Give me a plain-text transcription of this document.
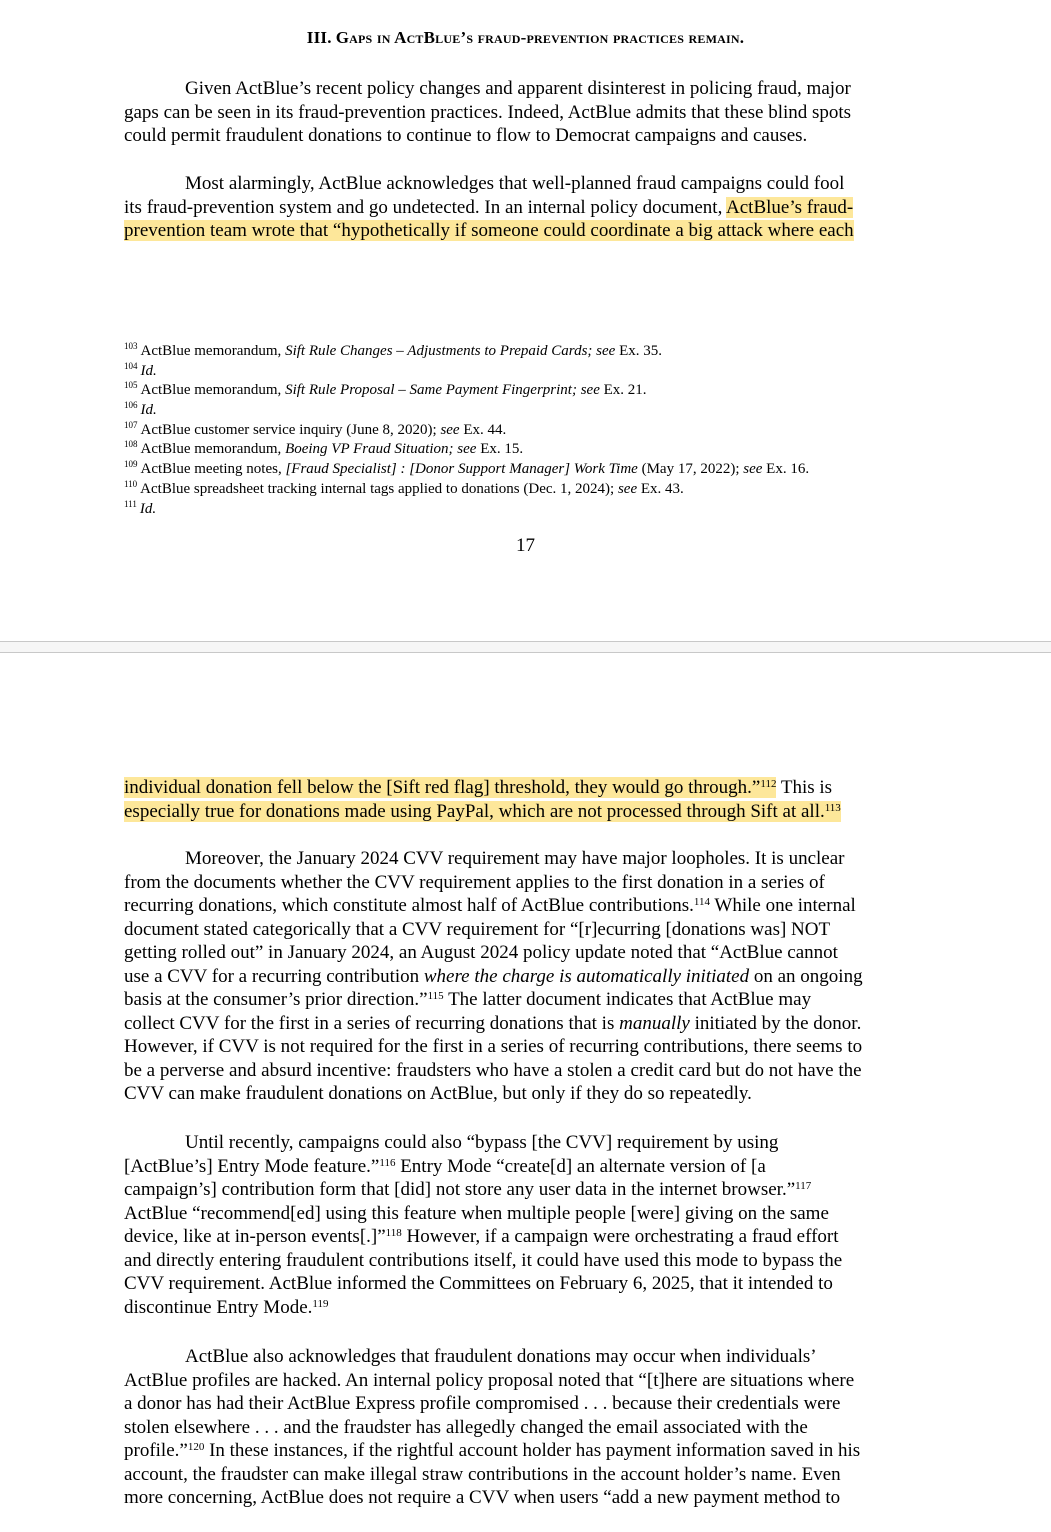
III. Gaps in ActBlue’s fraud-prevention practices remain.
Given ActBlue’s recent policy changes and apparent disinterest in policing fraud, major
gaps can be seen in its fraud-prevention practices. Indeed, ActBlue admits that these blind spots
could permit fraudulent donations to continue to flow to Democrat campaigns and causes.
Most alarmingly, ActBlue acknowledges that well-planned fraud campaigns could fool
its fraud-prevention system and go undetected. In an internal policy document, ActBlue’s fraud-
prevention team wrote that “hypothetically if someone could coordinate a big attack where each
$^{103}$ ActBlue memorandum, Sift Rule Changes – Adjustments to Prepaid Cards; see Ex. 35.
$^{104}$ Id.
$^{105}$ ActBlue memorandum, Sift Rule Proposal – Same Payment Fingerprint; see Ex. 21.
$^{106}$ Id.
$^{107}$ ActBlue customer service inquiry (June 8, 2020); see Ex. 44.
$^{108}$ ActBlue memorandum, Boeing VP Fraud Situation; see Ex. 15.
$^{109}$ ActBlue meeting notes, [Fraud Specialist] : [Donor Support Manager] Work Time (May 17, 2022); see Ex. 16.
$^{110}$ ActBlue spreadsheet tracking internal tags applied to donations (Dec. 1, 2024); see Ex. 43.
$^{111}$ Id.
17
individual donation fell below the [Sift red flag] threshold, they would go through.”$^{112}$ This is
especially true for donations made using PayPal, which are not processed through Sift at all.$^{113}$
Moreover, the January 2024 CVV requirement may have major loopholes. It is unclear
from the documents whether the CVV requirement applies to the first donation in a series of
recurring donations, which constitute almost half of ActBlue contributions.$^{114}$ While one internal
document stated categorically that a CVV requirement for “[r]ecurring [donations was] NOT
getting rolled out” in January 2024, an August 2024 policy update noted that “ActBlue cannot
use a CVV for a recurring contribution where the charge is automatically initiated on an ongoing
basis at the consumer’s prior direction.”$^{115}$ The latter document indicates that ActBlue may
collect CVV for the first in a series of recurring donations that is manually initiated by the donor.
However, if CVV is not required for the first in a series of recurring contributions, there seems to
be a perverse and absurd incentive: fraudsters who have a stolen a credit card but do not have the
CVV can make fraudulent donations on ActBlue, but only if they do so repeatedly.
Until recently, campaigns could also “bypass [the CVV] requirement by using
[ActBlue’s] Entry Mode feature.”$^{116}$ Entry Mode “create[d] an alternate version of [a
campaign’s] contribution form that [did] not store any user data in the internet browser.”$^{117}$
ActBlue “recommend[ed] using this feature when multiple people [were] giving on the same
device, like at in-person events[.]”$^{118}$ However, if a campaign were orchestrating a fraud effort
and directly entering fraudulent contributions itself, it could have used this mode to bypass the
CVV requirement. ActBlue informed the Committees on February 6, 2025, that it intended to
discontinue Entry Mode.$^{119}$
ActBlue also acknowledges that fraudulent donations may occur when individuals’
ActBlue profiles are hacked. An internal policy proposal noted that “[t]here are situations where
a donor has had their ActBlue Express profile compromised . . . because their credentials were
stolen elsewhere . . . and the fraudster has allegedly changed the email associated with the
profile.”$^{120}$ In these instances, if the rightful account holder has payment information saved in his
account, the fraudster can make illegal straw contributions in the account holder’s name. Even
more concerning, ActBlue does not require a CVV when users “add a new payment method to
